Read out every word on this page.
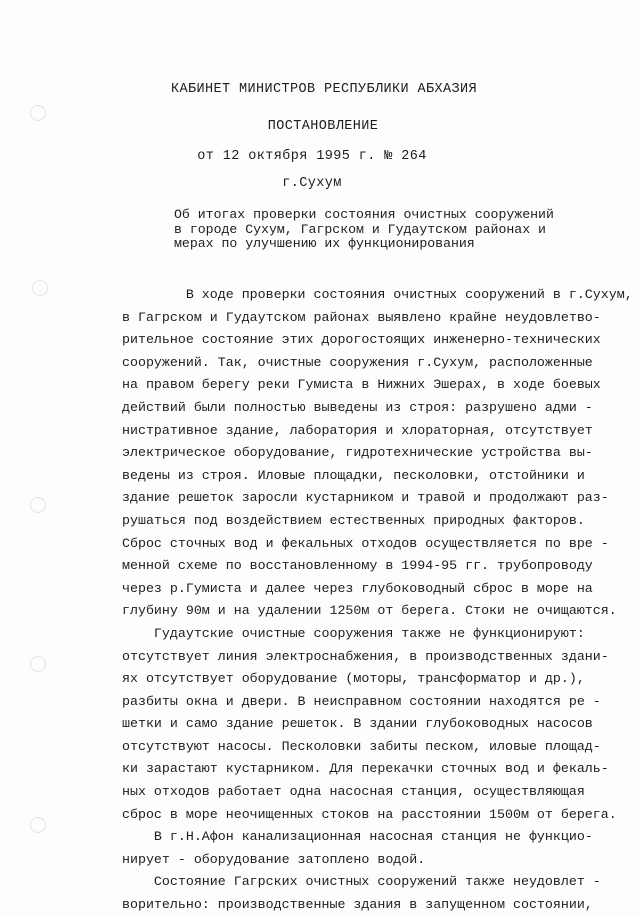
КАБИНЕТ МИНИСТРОВ РЕСПУБЛИКИ АБХАЗИЯ
ПОСТАНОВЛЕНИЕ
от 12 октября 1995 г. № 264
г.Сухум
Об итогах проверки состояния очистных сооружений
в городе Сухум, Гагрском и Гудаутском районах и
мерах по улучшению их функционирования
В ходе проверки состояния очистных сооружений в г.Сухум,
в Гагрском и Гудаутском районах выявлено крайне неудовлетво-
рительное состояние этих дорогостоящих инженерно-технических
сооружений. Так, очистные сооружения г.Сухум, расположенные
на правом берегу реки Гумиста в Нижних Эшерах, в ходе боевых
действий были полностью выведены из строя: разрушено адми -
нистративное здание, лаборатория и хлораторная, отсутствует
электрическое оборудование, гидротехнические устройства вы-
ведены из строя. Иловые площадки, песколовки, отстойники и
здание решеток заросли кустарником и травой и продолжают раз-
рушаться под воздействием естественных природных факторов.
Сброс сточных вод и фекальных отходов осуществляется по вре -
менной схеме по восстановленному в 1994-95 гг. трубопроводу
через р.Гумиста и далее через глубоководный сброс в море на
глубину 90м и на удалении 1250м от берега. Стоки не очищаются.
Гудаутские очистные сооружения также не функционируют:
отсутствует линия электроснабжения, в производственных здани-
ях отсутствует оборудование (моторы, трансформатор и др.),
разбиты окна и двери. В неисправном состоянии находятся ре -
шетки и само здание решеток. В здании глубоководных насосов
отсутствуют насосы. Песколовки забиты песком, иловые площад-
ки зарастают кустарником. Для перекачки сточных вод и фекаль-
ных отходов работает одна насосная станция, осуществляющая
сброс в море неочищенных стоков на расстоянии 1500м от берега.
В г.Н.Афон канализационная насосная станция не функцио-
нирует - оборудование затоплено водой.
Состояние Гагрских очистных сооружений также неудовлет -
ворительно: производственные здания в запущенном состоянии,
